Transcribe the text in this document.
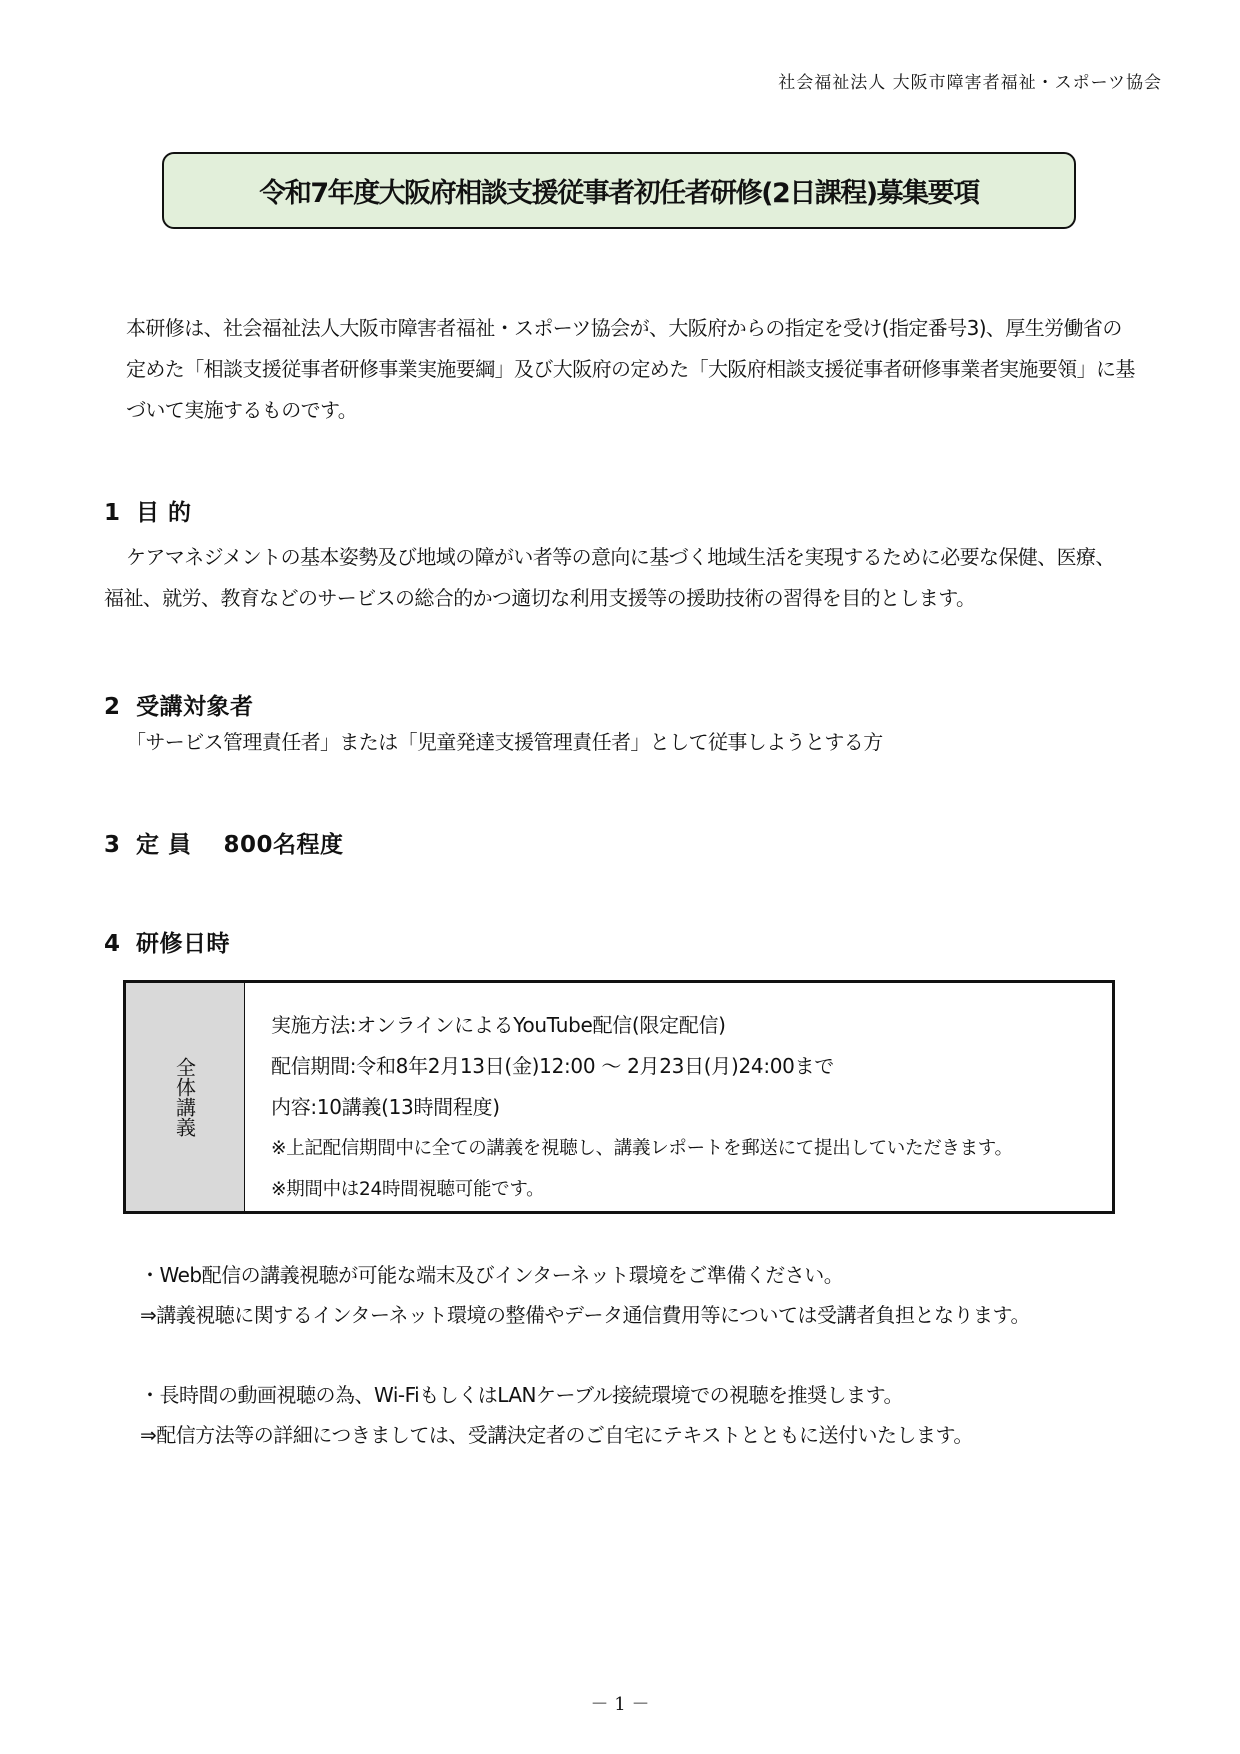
社会福祉法人 大阪市障害者福祉・スポーツ協会
令和7年度大阪府相談支援従事者初任者研修(2日課程)募集要項
本研修は、社会福祉法人大阪市障害者福祉・スポーツ協会が、大阪府からの指定を受け(指定番号3)、厚生労働省の
定めた「相談支援従事者研修事業実施要綱」及び大阪府の定めた「大阪府相談支援従事者研修事業者実施要領」に基
づいて実施するものです。
1 目 的
ケアマネジメントの基本姿勢及び地域の障がい者等の意向に基づく地域生活を実現するために必要な保健、医療、
福祉、就労、教育などのサービスの総合的かつ適切な利用支援等の援助技術の習得を目的とします。
2 受講対象者
「サービス管理責任者」または「児童発達支援管理責任者」として従事しようとする方
3 定 員 800名程度
4 研修日時
全体講義
実施方法:オンラインによるYouTube配信(限定配信)
配信期間:令和8年2月13日(金)12:00 ～ 2月23日(月)24:00まで
内容:10講義(13時間程度)
※上記配信期間中に全ての講義を視聴し、講義レポートを郵送にて提出していただきます。
※期間中は24時間視聴可能です。
・Web配信の講義視聴が可能な端末及びインターネット環境をご準備ください。
⇒講義視聴に関するインターネット環境の整備やデータ通信費用等については受講者負担となります。
・長時間の動画視聴の為、Wi-FiもしくはLANケーブル接続環境での視聴を推奨します。
⇒配信方法等の詳細につきましては、受講決定者のご自宅にテキストとともに送付いたします。
－ 1 －
